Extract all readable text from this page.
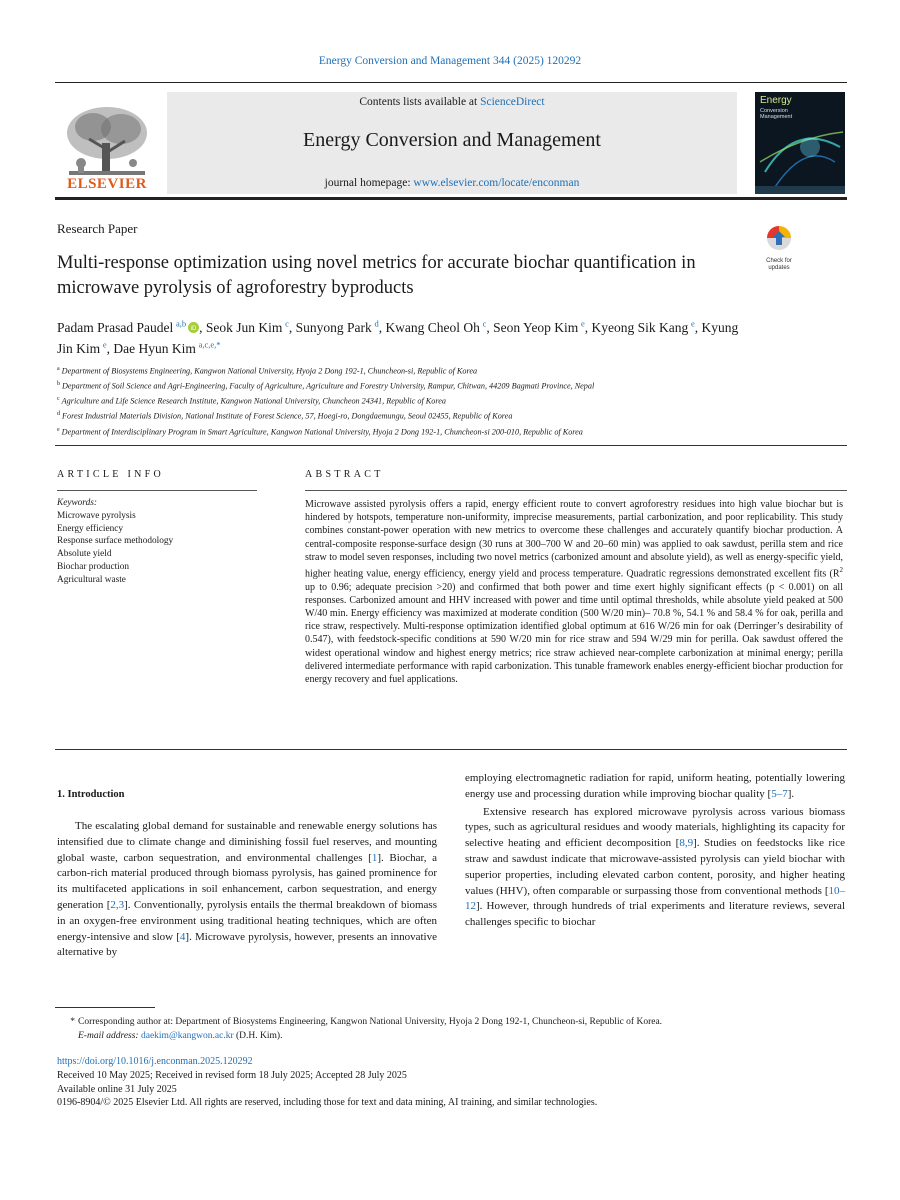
Energy Conversion and Management 344 (2025) 120292
ELSEVIER
Contents lists available at ScienceDirect
Energy Conversion and Management
journal homepage: www.elsevier.com/locate/enconman
Energy
Conversion
Management
Research Paper
Check for
updates
Multi-response optimization using novel metrics for accurate biochar quantification in microwave pyrolysis of agroforestry byproducts
Padam Prasad Paudel  $^{a,b}$
iD , Seok Jun Kim  $^c$, Sunyong Park  $^d$, Kwang Cheol Oh  $^c$, Seon Yeop Kim  $^e$, Kyeong Sik Kang  $^e$, Kyung Jin Kim  $^e$, Dae Hyun Kim  $^{a,c,e,*}$
$^a$ Department of Biosystems Engineering, Kangwon National University, Hyoja 2 Dong 192-1, Chuncheon-si, Republic of Korea
$^b$ Department of Soil Science and Agri-Engineering, Faculty of Agriculture, Agriculture and Forestry University, Rampur, Chitwan, 44209 Bagmati Province, Nepal
$^c$ Agriculture and Life Science Research Institute, Kangwon National University, Chuncheon 24341, Republic of Korea
$^d$ Forest Industrial Materials Division, National Institute of Forest Science, 57, Hoegi-ro, Dongdaemungu, Seoul 02455, Republic of Korea
$^e$ Department of Interdisciplinary Program in Smart Agriculture, Kangwon National University, Hyoja 2 Dong 192-1, Chuncheon-si 200-010, Republic of Korea
ARTICLE INFO	ABSTRACT
Keywords:
Microwave pyrolysis
Energy efficiency
Response surface methodology
Absolute yield
Biochar production
Agricultural waste
Microwave assisted pyrolysis offers a rapid, energy efficient route to convert agroforestry residues into high value biochar but is hindered by hotspots, temperature non-uniformity, imprecise measurements, partial carbonization, and poor replicability. This study combines constant-power operation with new metrics to overcome these challenges and accurately quantify biochar production. A central-composite response-surface design (30 runs at 300–700 W and 20–60 min) was applied to oak sawdust, perilla stem and rice straw to model seven responses, including two novel metrics (carbonized amount and absolute yield), as well as energy-specific yield, higher heating value, energy efficiency, energy yield and process temperature. Quadratic regressions demonstrated excellent fits ($R^2$ up to 0.96; adequate precision >20) and confirmed that both power and time exert highly significant effects (p < 0.001) on all responses. Carbonized amount and HHV increased with power and time until optimal thresholds, while absolute yield peaked at 500 W/40 min. Energy efficiency was maximized at moderate condition (500 W/20 min)– 70.8 %, 54.1 % and 58.4 % for oak, perilla and rice straw, respectively. Multi-response optimization identified global optimum at 616 W/26 min for oak (Derringer’s desirability of 0.547), with feedstock-specific conditions at 590 W/20 min for rice straw and 594 W/29 min for perilla. Oak sawdust offered the widest operational window and highest energy metrics; rice straw achieved near-complete carbonization at minimal energy; perilla delivered intermediate performance with rapid carbonization. This tunable framework enables energy-efficient biochar production for energy recovery and fuel applications.
1. Introduction

The escalating global demand for sustainable and renewable energy solutions has intensified due to climate change and diminishing fossil fuel reserves, and mounting global waste, carbon sequestration, and environmental challenges [1]. Biochar, a carbon-rich material produced through biomass pyrolysis, has gained prominence for its multifaceted applications in soil enhancement, carbon sequestration, and energy generation [2,3]. Conventionally, pyrolysis entails the thermal breakdown of biomass in an oxygen-free environment using traditional heating techniques, which are often energy-intensive and slow [4]. Microwave pyrolysis, however, presents an innovative alternative by

employing electromagnetic radiation for rapid, uniform heating, potentially lowering energy use and processing duration while improving biochar quality [5–7].

Extensive research has explored microwave pyrolysis across various biomass types, such as agricultural residues and woody materials, highlighting its capacity for selective heating and efficient decomposition [8,9]. Studies on feedstocks like rice straw and sawdust indicate that microwave-assisted pyrolysis can yield biochar with superior properties, including elevated carbon content, porosity, and higher heating values (HHV), often comparable or surpassing those from conventional methods [10–12]. However, through hundreds of trial experiments and literature reviews, several challenges specific to biochar

* Corresponding author at: Department of Biosystems Engineering, Kangwon National University, Hyoja 2 Dong 192-1, Chuncheon-si, Republic of Korea.
E-mail address: daekim@kangwon.ac.kr (D.H. Kim).
https://doi.org/10.1016/j.enconman.2025.120292
Received 10 May 2025; Received in revised form 18 July 2025; Accepted 28 July 2025
Available online 31 July 2025
0196-8904/© 2025 Elsevier Ltd. All rights are reserved, including those for text and data mining, AI training, and similar technologies.
